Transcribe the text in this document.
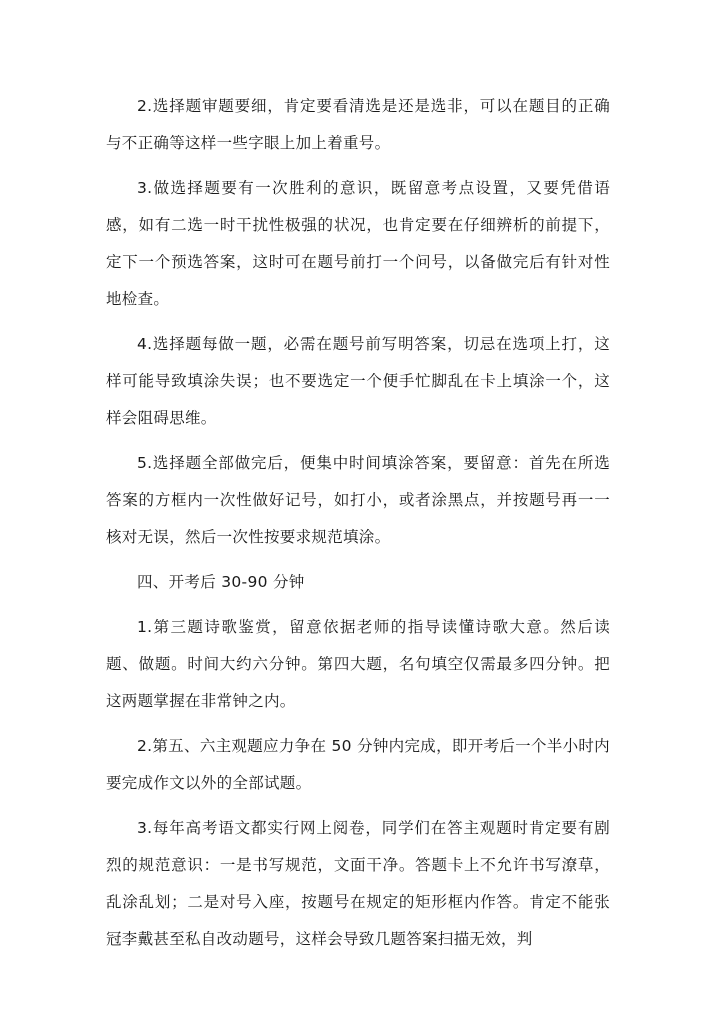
2.选择题审题要细，肯定要看清选是还是选非，可以在题目的正确与不正确等这样一些字眼上加上着重号。

3.做选择题要有一次胜利的意识，既留意考点设置，又要凭借语感，如有二选一时干扰性极强的状况，也肯定要在仔细辨析的前提下，定下一个预选答案，这时可在题号前打一个问号，以备做完后有针对性地检查。

4.选择题每做一题，必需在题号前写明答案，切忌在选项上打，这样可能导致填涂失误；也不要选定一个便手忙脚乱在卡上填涂一个，这样会阻碍思维。

5.选择题全部做完后，便集中时间填涂答案，要留意：首先在所选答案的方框内一次性做好记号，如打小，或者涂黑点，并按题号再一一核对无误，然后一次性按要求规范填涂。

四、开考后 30-90 分钟

1.第三题诗歌鉴赏，留意依据老师的指导读懂诗歌大意。然后读题、做题。时间大约六分钟。第四大题，名句填空仅需最多四分钟。把这两题掌握在非常钟之内。

2.第五、六主观题应力争在 50 分钟内完成，即开考后一个半小时内要完成作文以外的全部试题。

3.每年高考语文都实行网上阅卷，同学们在答主观题时肯定要有剧烈的规范意识：一是书写规范，文面干净。答题卡上不允许书写潦草，乱涂乱划；二是对号入座，按题号在规定的矩形框内作答。肯定不能张冠李戴甚至私自改动题号，这样会导致几题答案扫描无效，判
